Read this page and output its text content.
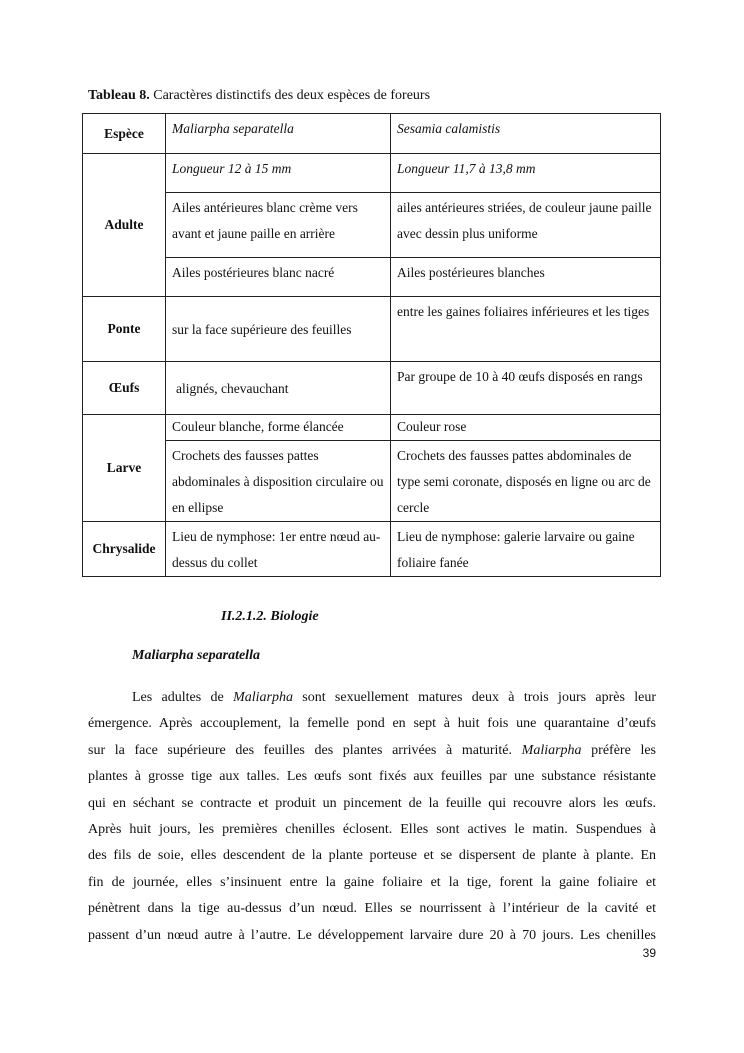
Tableau 8. Caractères distinctifs des deux espèces de foreurs
Espèce	Maliarpha separatella	Sesamia calamistis
Adulte	Longueur 12 à 15 mm	Longueur 11,7 à 13,8 mm
	Ailes antérieures blanc crème vers avant et jaune paille en arrière	ailes antérieures striées, de couleur jaune paille avec dessin plus uniforme
	Ailes postérieures blanc nacré	Ailes postérieures blanches
Ponte	sur la face supérieure des feuilles	entre les gaines foliaires inférieures et les tiges
Œufs	alignés, chevauchant	Par groupe de 10 à 40 œufs disposés en rangs
Larve	Couleur blanche, forme élancée	Couleur rose
	Crochets des fausses pattes abdominales à disposition circulaire ou en ellipse	Crochets des fausses pattes abdominales de type semi coronate, disposés en ligne ou arc de cercle
Chrysalide	Lieu de nymphose: 1er entre nœud au-dessus du collet	Lieu de nymphose: galerie larvaire ou gaine foliaire fanée
II.2.1.2. Biologie
Maliarpha separatella
Les adultes de Maliarpha sont sexuellement matures deux à trois jours après leur
émergence. Après accouplement, la femelle pond en sept à huit fois une quarantaine d’œufs
sur la face supérieure des feuilles des plantes arrivées à maturité. Maliarpha préfère les
plantes à grosse tige aux talles. Les œufs sont fixés aux feuilles par une substance résistante
qui en séchant se contracte et produit un pincement de la feuille qui recouvre alors les œufs.
Après huit jours, les premières chenilles éclosent. Elles sont actives le matin. Suspendues à
des fils de soie, elles descendent de la plante porteuse et se dispersent de plante à plante. En
fin de journée, elles s’insinuent entre la gaine foliaire et la tige, forent la gaine foliaire et
pénètrent dans la tige au-dessus d’un nœud. Elles se nourrissent à l’intérieur de la cavité et
passent d’un nœud autre à l’autre. Le développement larvaire dure 20 à 70 jours. Les chenilles
39
